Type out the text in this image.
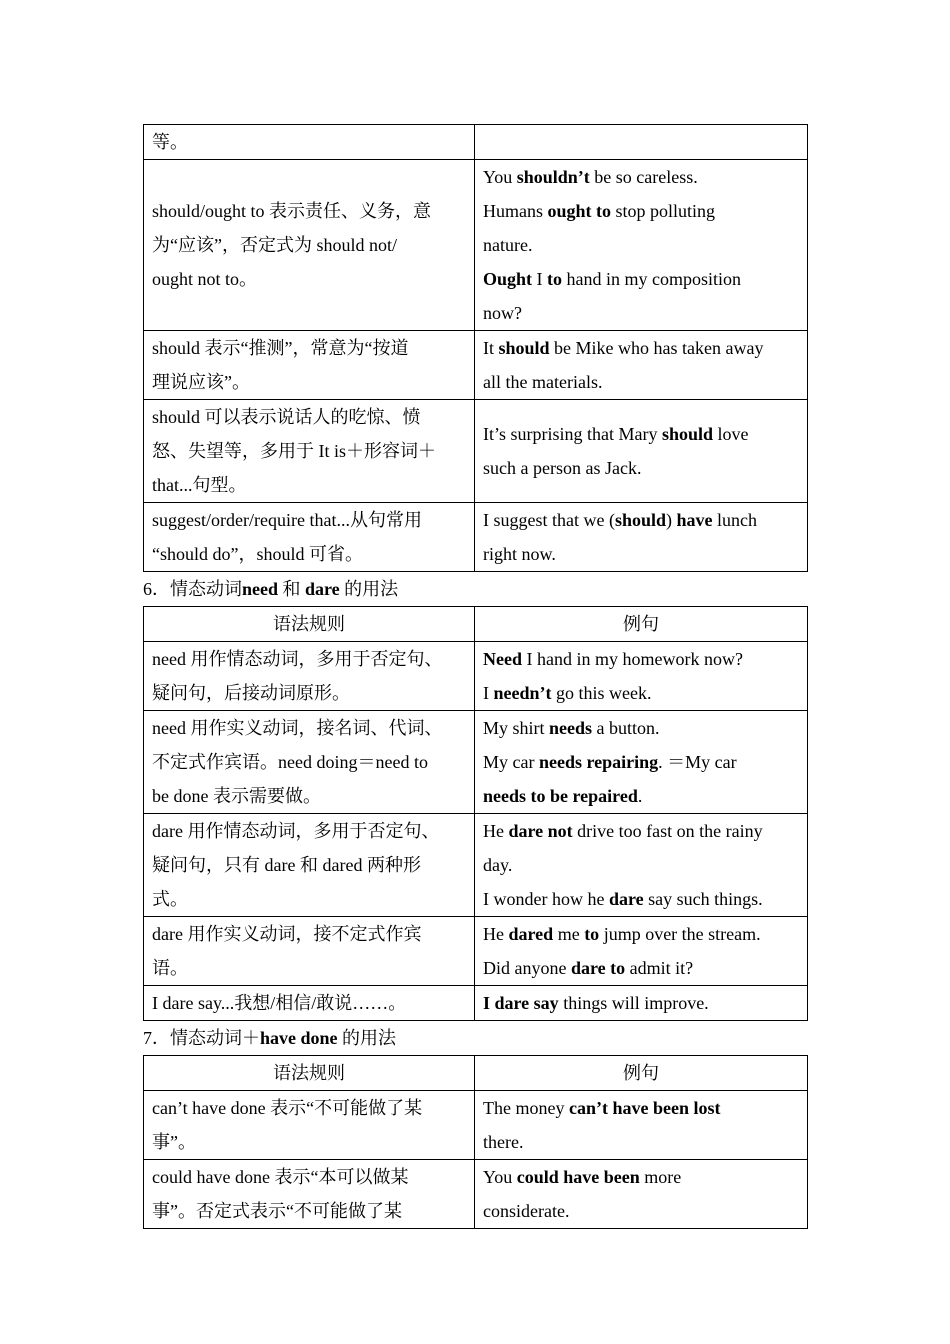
等。	

should/ought to 表示责任、义务，意
为“应该”，否定式为 should not/
ought not to。	You shouldn’t be so careless.
Humans ought to stop polluting
nature.
Ought I to hand in my composition
now?

should 表示“推测”，常意为“按道
理说应该”。	It should be Mike who has taken away
all the materials.

should 可以表示说话人的吃惊、愤
怒、失望等，多用于 It is＋形容词＋
that...句型。	It’s surprising that Mary should love
such a person as Jack.

suggest/order/require that...从句常用
“should do”，should 可省。	I suggest that we (should) have lunch
right now.
6．情态动词need 和 dare 的用法
语法规则	例句

need 用作情态动词，多用于否定句、
疑问句，后接动词原形。	Need I hand in my homework now?
I needn’t go this week.

need 用作实义动词，接名词、代词、
不定式作宾语。need doing＝need to
be done 表示需要做。	My shirt needs a button.
My car needs repairing. ＝My car
needs to be repaired.

dare 用作情态动词，多用于否定句、
疑问句，只有 dare 和 dared 两种形
式。	He dare not drive too fast on the rainy
day.
I wonder how he dare say such things.

dare 用作实义动词，接不定式作宾
语。	He dared me to jump over the stream.
Did anyone dare to admit it?

I dare say...我想/相信/敢说……。	I dare say things will improve.
7．情态动词＋have done 的用法
语法规则	例句

can’t have done 表示“不可能做了某
事”。	The money can’t have been lost
there.

could have done 表示“本可以做某
事”。否定式表示“不可能做了某	You could have been more
considerate.
